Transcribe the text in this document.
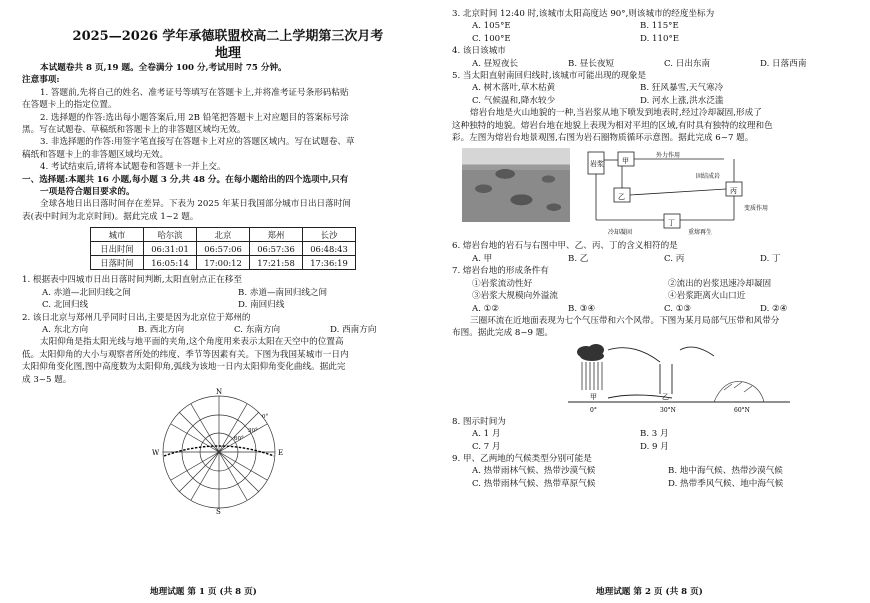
2025—2026 学年承德联盟校高二上学期第三次月考
地理
本试题卷共 8 页,19 题。全卷满分 100 分,考试用时 75 分钟。
注意事项:
1. 答题前,先将自己的姓名、准考证号等填写在答题卡上,并将准考证号条形码粘贴
在答题卡上的指定位置。
2. 选择题的作答:选出每小题答案后,用 2B 铅笔把答题卡上对应题目的答案标号涂
黑。写在试题卷、草稿纸和答题卡上的非答题区域均无效。
3. 非选择题的作答:用签字笔直接写在答题卡上对应的答题区域内。写在试题卷、草
稿纸和答题卡上的非答题区域均无效。
4. 考试结束后,请将本试题卷和答题卡一并上交。
一、选择题:本题共 16 小题,每小题 3 分,共 48 分。在每小题给出的四个选项中,只有
一项是符合题目要求的。
全球各地日出日落时间存在差异。下表为 2025 年某日我国部分城市日出日落时间
表(表中时间为北京时间)。据此完成 1~2 题。
城市	哈尔滨	北京	郑州	长沙
日出时间	06:31:01	06:57:06	06:57:36	06:48:43
日落时间	16:05:14	17:00:12	17:21:58	17:36:19
1. 根据表中四城市日出日落时间判断,太阳直射点正在移至
A. 赤道—北回归线之间	B. 赤道—南回归线之间
C. 北回归线	D. 南回归线
2. 该日北京与郑州几乎同时日出,主要是因为北京位于郑州的
A. 东北方向	B. 西北方向	C. 东南方向	D. 西南方向
太阳仰角是指太阳光线与地平面的夹角,这个角度用来表示太阳在天空中的位置高
低。太阳仰角的大小与观察者所处的纬度、季节等因素有关。下图为我国某城市一日内
太阳仰角变化图,图中高度数为太阳仰角,弧线为该地一日内太阳仰角变化曲线。据此完
成 3~5 题。
N
S
E
W
0°
30°
60°
地理试题 第 1 页 (共 8 页)
3. 北京时间 12:40 时,该城市太阳高度达 90°,则该城市的经度坐标为
A. 105°E	B. 115°E
C. 100°E	D. 110°E
4. 该日该城市
A. 昼短夜长	B. 昼长夜短	C. 日出东南	D. 日落西南
5. 当太阳直射南回归线时,该城市可能出现的现象是
A. 树木落叶,草木枯黄	B. 狂风暴雪,天气寒冷
C. 气候温和,降水较少	D. 河水上涨,洪水泛滥
熔岩台地是火山地貌的一种,当岩浆从地下喷发到地表时,经过冷却凝固,形成了
这种独特的地貌。熔岩台地在地貌上表现为相对平坦的区域,有时具有独特的纹理和色
彩。左图为熔岩台地景观图,右图为岩石圈物质循环示意图。据此完成 6~7 题。
岩浆	甲
乙
丙
丁
外力作用
固结成岩
变质作用
重熔再生
冷却凝固
6. 熔岩台地的岩石与右图中甲、乙、丙、丁的含义相符的是
A. 甲	B. 乙	C. 丙	D. 丁
7. 熔岩台地的形成条件有
①岩浆流动性好	②流出的岩浆迅速冷却凝固
③岩浆大规模向外溢流	④岩浆距离火山口近
A. ①②	B. ③④	C. ①③	D. ②④
三圈环流在近地面表现为七个气压带和六个风带。下图为某月局部气压带和风带分
布图。据此完成 8~9 题。
甲	乙
0°	30°N	60°N
8. 图示时间为
A. 1 月	B. 3 月
C. 7 月	D. 9 月
9. 甲、乙两地的气候类型分别可能是
A. 热带雨林气候、热带沙漠气候	B. 地中海气候、热带沙漠气候
C. 热带雨林气候、热带草原气候	D. 热带季风气候、地中海气候
地理试题 第 2 页 (共 8 页)
